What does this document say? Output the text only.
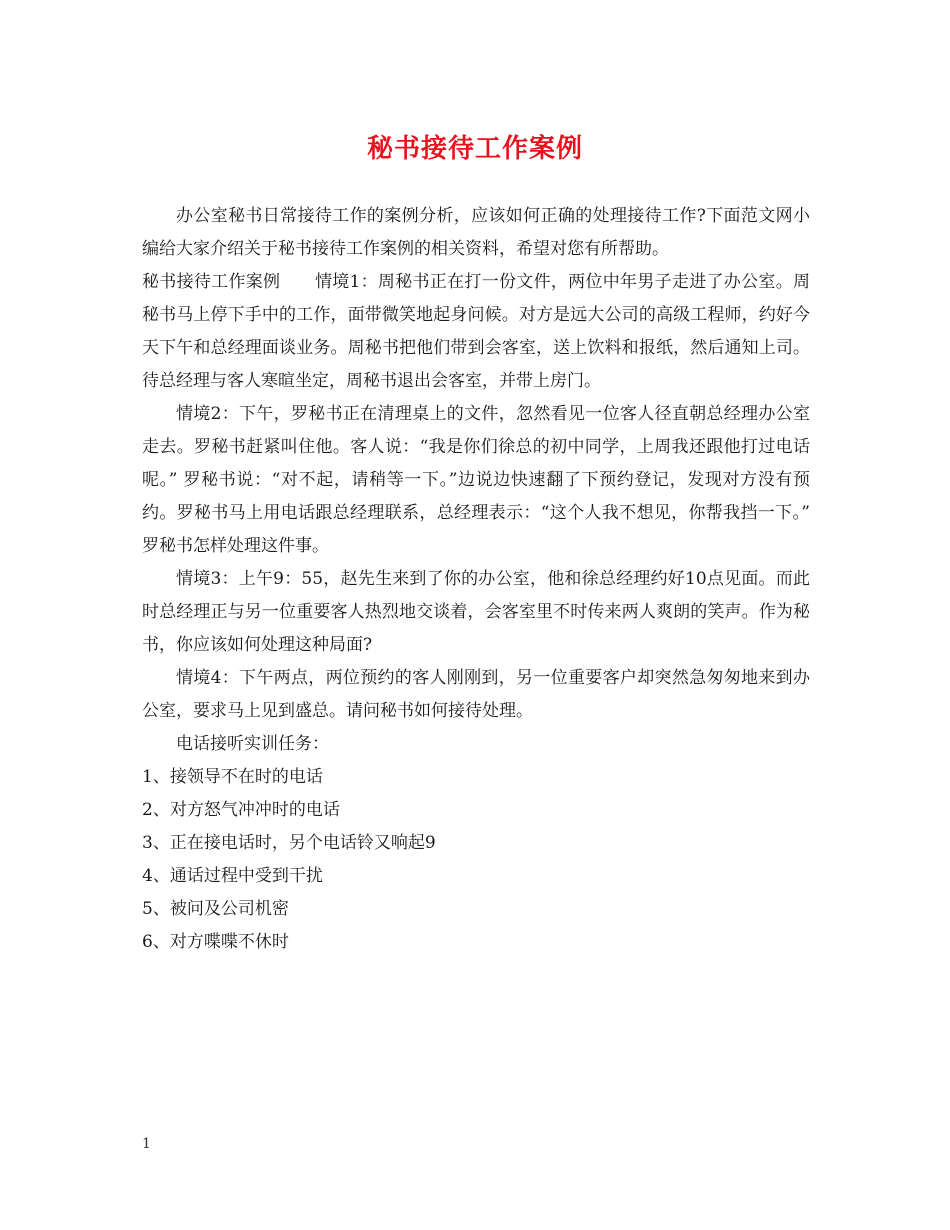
秘书接待工作案例

办公室秘书日常接待工作的案例分析，应该如何正确的处理接待工作?下面范文网小编给大家介绍关于秘书接待工作案例的相关资料，希望对您有所帮助。

秘书接待工作案例　　情境1：周秘书正在打一份文件，两位中年男子走进了办公室。周秘书马上停下手中的工作，面带微笑地起身问候。对方是远大公司的高级工程师，约好今天下午和总经理面谈业务。周秘书把他们带到会客室，送上饮料和报纸，然后通知上司。待总经理与客人寒暄坐定，周秘书退出会客室，并带上房门。

情境2：下午，罗秘书正在清理桌上的文件，忽然看见一位客人径直朝总经理办公室走去。罗秘书赶紧叫住他。客人说：“我是你们徐总的初中同学，上周我还跟他打过电话呢。” 罗秘书说：“对不起，请稍等一下。”边说边快速翻了下预约登记，发现对方没有预约。罗秘书马上用电话跟总经理联系，总经理表示：“这个人我不想见，你帮我挡一下。” 罗秘书怎样处理这件事。

情境3：上午9：55，赵先生来到了你的办公室，他和徐总经理约好10点见面。而此时总经理正与另一位重要客人热烈地交谈着，会客室里不时传来两人爽朗的笑声。作为秘书，你应该如何处理这种局面?

情境4：下午两点，两位预约的客人刚刚到，另一位重要客户却突然急匆匆地来到办公室，要求马上见到盛总。请问秘书如何接待处理。

电话接听实训任务：

1、接领导不在时的电话

2、对方怒气冲冲时的电话

3、正在接电话时，另个电话铃又响起9

4、通话过程中受到干扰

5、被问及公司机密

6、对方喋喋不休时

1
